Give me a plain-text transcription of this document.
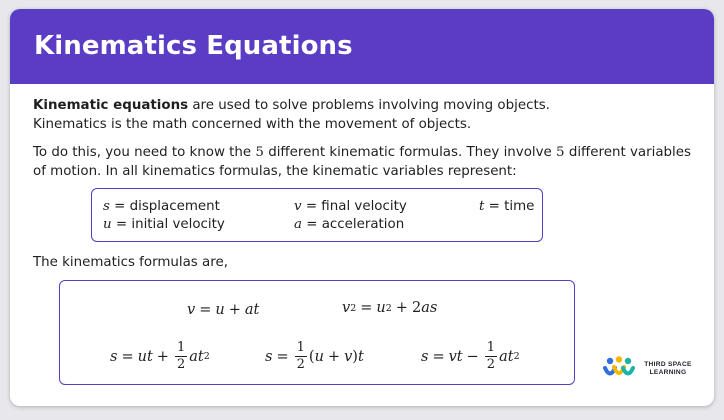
Kinematics Equations
Kinematic equations are used to solve problems involving moving objects.
Kinematics is the math concerned with the movement of objects.
To do this, you need to know the 5 different kinematic formulas. They involve 5 different variables of motion. In all kinematics formulas, the kinematic variables represent:
s = displacement	v = final velocity	t = time
u = initial velocity	a = acceleration
The kinematics formulas are,
v = u + at	v 2 = u 2 + 2 as
s = ut + $\frac{1}{2}$ at 2	$s = \frac{1}{2}$ ( u + v ) t	s = vt − $\frac{1}{2}$ at 2
THIRD SPACE
LEARNING
